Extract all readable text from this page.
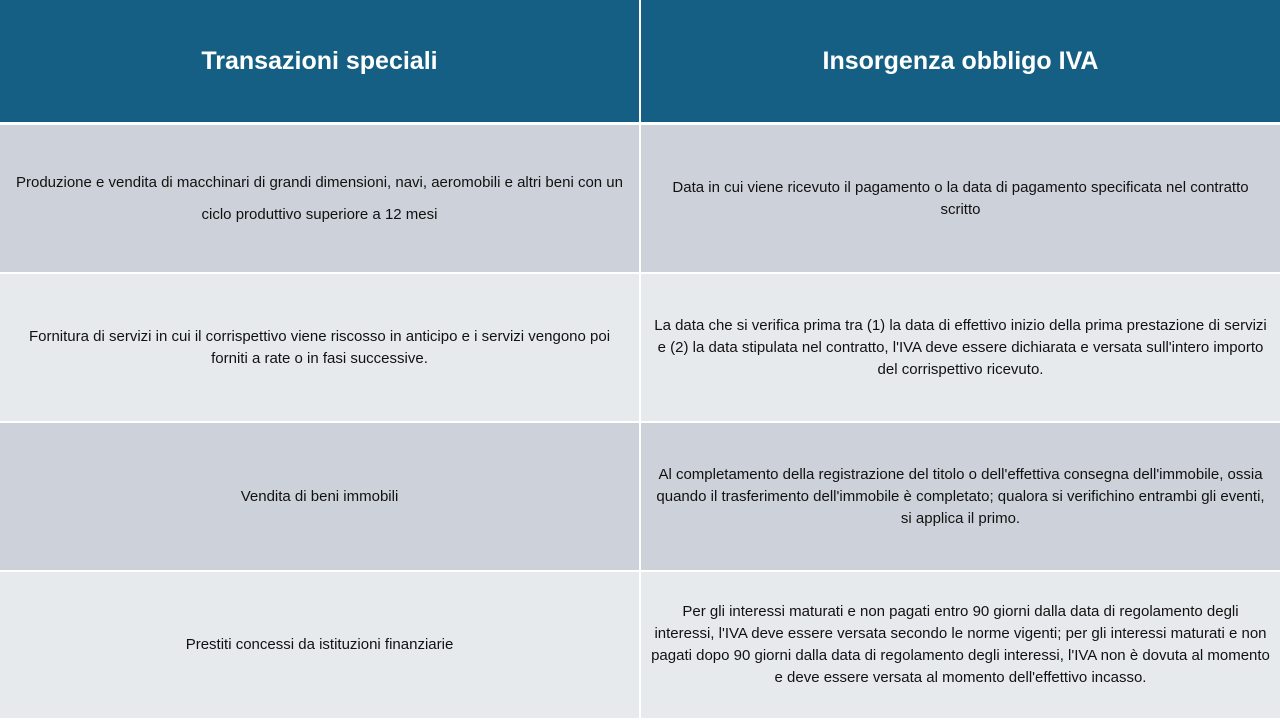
Transazioni speciali	Insorgenza obbligo IVA
Produzione e vendita di macchinari di grandi dimensioni, navi, aeromobili e altri beni con un ciclo produttivo superiore a 12 mesi	Data in cui viene ricevuto il pagamento o la data di pagamento specificata nel contratto scritto
Fornitura di servizi in cui il corrispettivo viene riscosso in anticipo e i servizi vengono poi forniti a rate o in fasi successive.	La data che si verifica prima tra (1) la data di effettivo inizio della prima prestazione di servizi e (2) la data stipulata nel contratto, l'IVA deve essere dichiarata e versata sull'intero importo del corrispettivo ricevuto.
Vendita di beni immobili	Al completamento della registrazione del titolo o dell'effettiva consegna dell'immobile, ossia quando il trasferimento dell'immobile è completato; qualora si verifichino entrambi gli eventi, si applica il primo.
Prestiti concessi da istituzioni finanziarie	Per gli interessi maturati e non pagati entro 90 giorni dalla data di regolamento degli interessi, l'IVA deve essere versata secondo le norme vigenti; per gli interessi maturati e non pagati dopo 90 giorni dalla data di regolamento degli interessi, l'IVA non è dovuta al momento e deve essere versata al momento dell'effettivo incasso.
